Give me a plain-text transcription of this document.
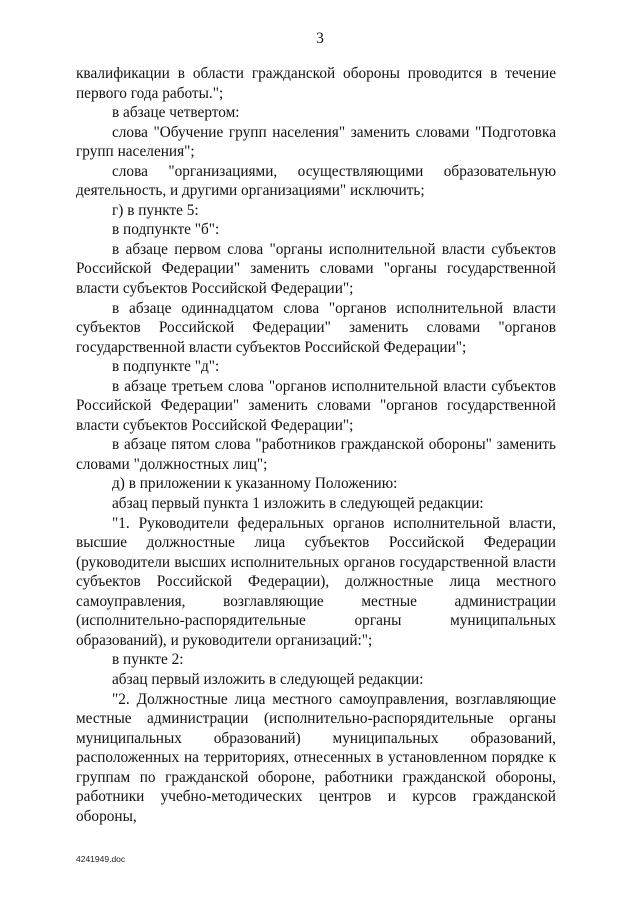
3

квалификации в области гражданской обороны проводится в течение первого года работы.";

в абзаце четвертом:

слова "Обучение групп населения" заменить словами "Подготовка групп населения";

слова "организациями, осуществляющими образовательную деятельность, и другими организациями" исключить;

г) в пункте 5:

в подпункте "б":

в абзаце первом слова "органы исполнительной власти субъектов Российской Федерации" заменить словами "органы государственной власти субъектов Российской Федерации";

в абзаце одиннадцатом слова "органов исполнительной власти субъектов Российской Федерации" заменить словами "органов государственной власти субъектов Российской Федерации";

в подпункте "д":

в абзаце третьем слова "органов исполнительной власти субъектов Российской Федерации" заменить словами "органов государственной власти субъектов Российской Федерации";

в абзаце пятом слова "работников гражданской обороны" заменить словами "должностных лиц";

д) в приложении к указанному Положению:

абзац первый пункта 1 изложить в следующей редакции:

"1. Руководители федеральных органов исполнительной власти, высшие должностные лица субъектов Российской Федерации (руководители высших исполнительных органов государственной власти субъектов Российской Федерации), должностные лица местного самоуправления, возглавляющие местные администрации (исполнительно-распорядительные органы муниципальных образований), и руководители организаций:";

в пункте 2:

абзац первый изложить в следующей редакции:

"2. Должностные лица местного самоуправления, возглавляющие местные администрации (исполнительно-распорядительные органы муниципальных образований) муниципальных образований, расположенных на территориях, отнесенных в установленном порядке к группам по гражданской обороне, работники гражданской обороны, работники учебно-методических центров и курсов гражданской обороны,

4241949.doc
